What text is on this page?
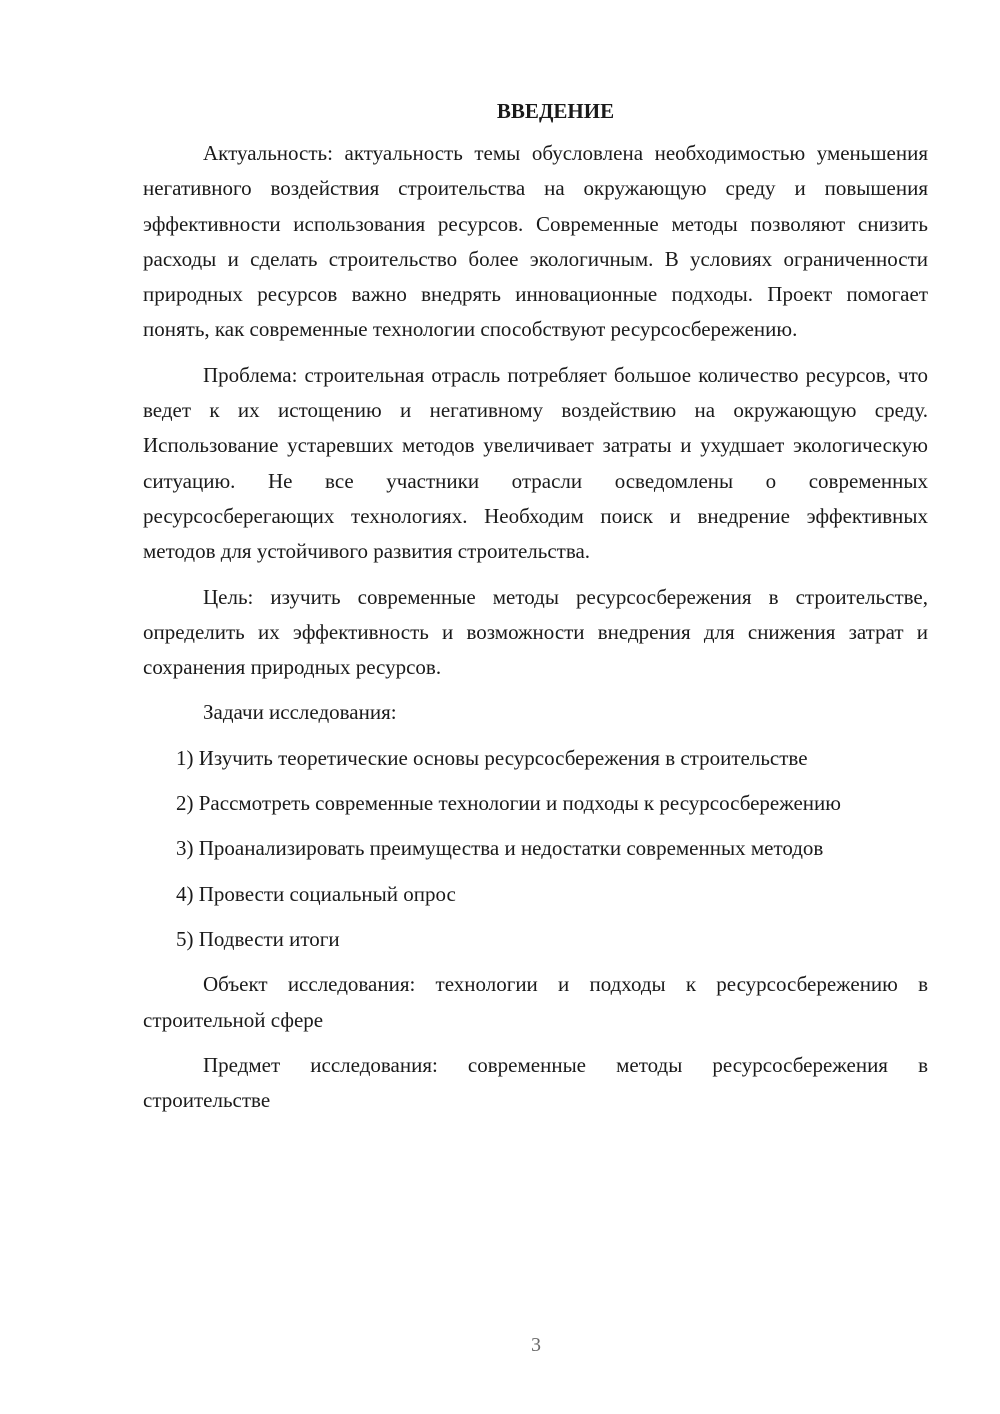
ВВЕДЕНИЕ

Актуальность: актуальность темы обусловлена необходимостью уменьшения негативного воздействия строительства на окружающую среду и повышения эффективности использования ресурсов. Современные методы позволяют снизить расходы и сделать строительство более экологичным. В условиях ограниченности природных ресурсов важно внедрять инновационные подходы. Проект помогает понять, как современные технологии способствуют ресурсосбережению.

Проблема: строительная отрасль потребляет большое количество ресурсов, что ведет к их истощению и негативному воздействию на окружающую среду. Использование устаревших методов увеличивает затраты и ухудшает экологическую ситуацию. Не все участники отрасли осведомлены о современных ресурсосберегающих технологиях. Необходим поиск и внедрение эффективных методов для устойчивого развития строительства.

Цель: изучить современные методы ресурсосбережения в строительстве, определить их эффективность и возможности внедрения для снижения затрат и сохранения природных ресурсов.

Задачи исследования:

1) Изучить теоретические основы ресурсосбережения в строительстве

2) Рассмотреть современные технологии и подходы к ресурсосбережению

3) Проанализировать преимущества и недостатки современных методов

4) Провести социальный опрос

5) Подвести итоги

Объект исследования: технологии и подходы к ресурсосбережению в строительной сфере

Предмет исследования: современные методы ресурсосбережения в строительстве

3
